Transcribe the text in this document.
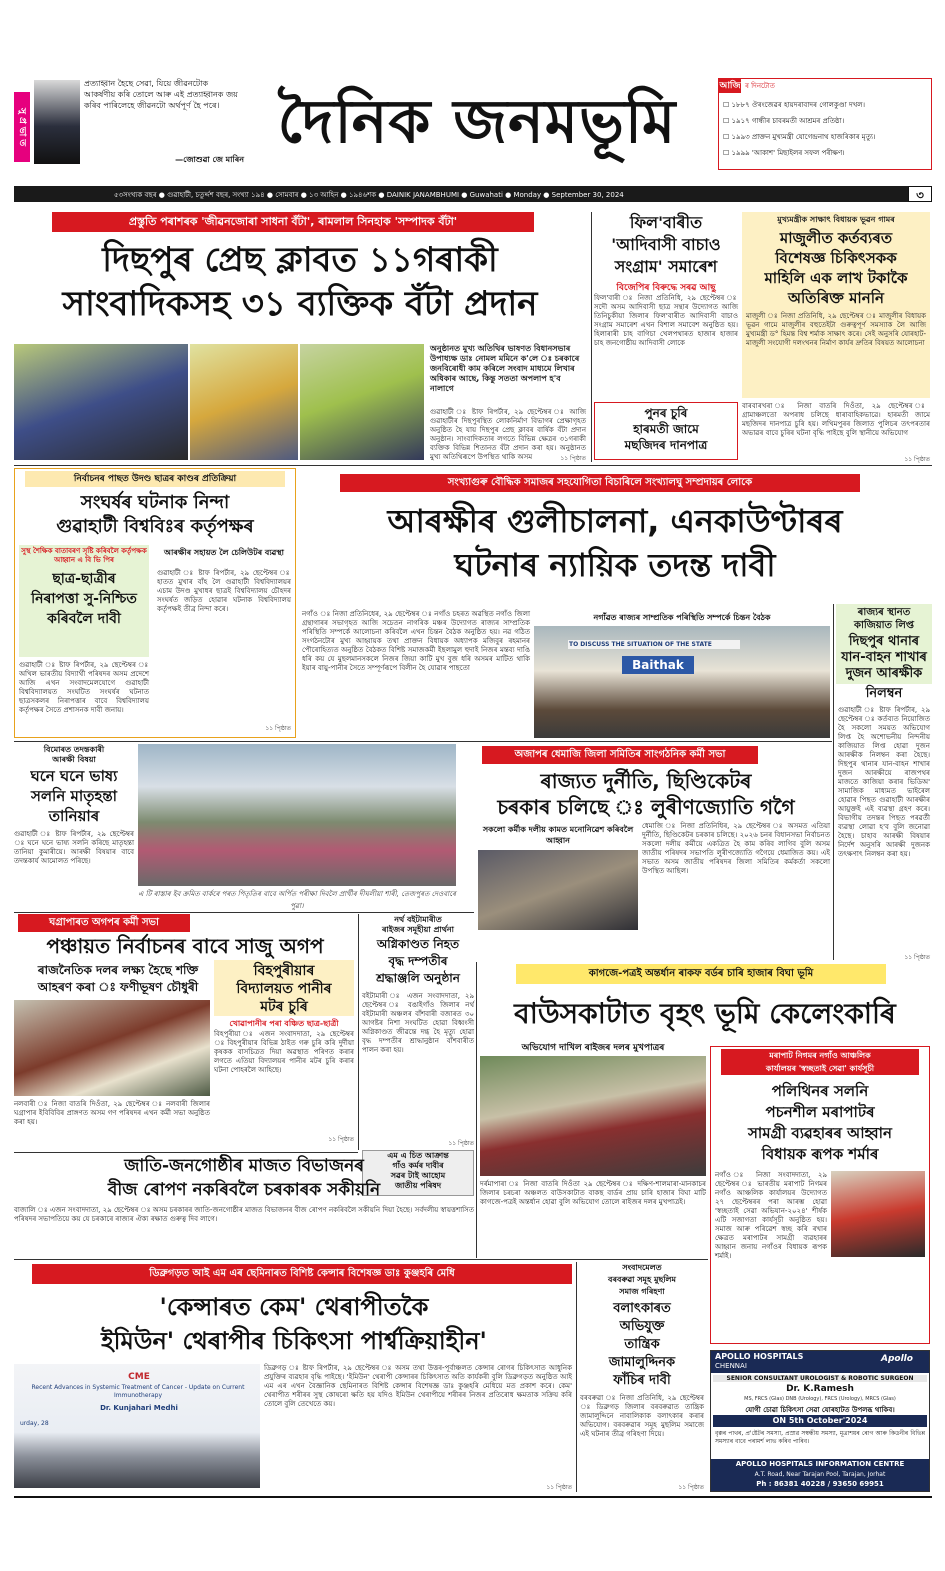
সু প্র ভা ত
প্ৰত্যাহ্বান হৈছে সেৱা, যিয়ে জীৱনটোক আকৰ্ষণীয় কৰি তোলে আৰু এই প্ৰত্যাহ্বানক জয় কৰিব পাৰিলেহে জীৱনটো অৰ্থপূৰ্ণ হৈ পৰে।
—জোশুৱা জে মাৰিন
দৈনিক জনমভূমি
আজি ৰ দিনটোত
☐ ১৮৮৭ ঔৰংজেৱৰ হায়দৰাবাদৰ গোলকুণ্ডা দখল।
☐ ১৯১৭ গান্ধীৰ চাবৰমতী আশ্ৰমৰ প্ৰতিষ্ঠা।
☐ ১৯৯৩ প্ৰাক্তন মুখ্যমন্ত্ৰী যোগেন্দ্ৰনাথ হাজৰিকাৰ মৃত্যু।
☐ ১৯৯৯ 'আকাশ' মিছাইলৰ সফল পৰীক্ষণ।
৫৩সংখ্যক বছৰ ● গুৱাহাটী, চতুৰ্দ্দশ বছৰ, সংখ্যা ১৯৪ ● সোমবাৰ ● ১৩ আহিন ● ১৯৪৬শক ● DAINIK JANAMBHUMI ● Guwahati ● Monday ● September 30, 2024	৩
প্ৰস্তুতি পৰাশৰক 'জীৱনজোৰা সাধনা বঁটা', ৰামলাল সিনহাক 'সম্পাদক বঁটা'
দিছপুৰ প্ৰেছ ক্লাবত ১১গৰাকী
সাংবাদিকসহ ৩১ ব্যক্তিক বঁটা প্ৰদান
অনুষ্ঠানত মুখ্য অতিথিৰ ভাষণত বিধানসভাৰ উপাধ্যক্ষ ডাঃ নোমল মমিনে ক'লে ঃ চৰকাৰে জনবিৰোধী কাম কৰিলে সংবাদ মাধ্যমে লিখাৰ অধিকাৰ আছে, কিন্তু সততা অপলাপ হ'ব নালাগে
গুৱাহাটী ঃ ষ্টাফ ৰিপৰ্টাৰ, ২৯ ছেপ্টেম্বৰ ঃ আজি গুৱাহাটীৰ দিছপুৰস্থিত লোকনিৰ্মাণ বিভাগৰ প্ৰেক্ষাগৃহত অনুষ্ঠিত হৈ যায় দিছপুৰ প্ৰেছ ক্লাবৰ বাৰ্ষিক বঁটা প্ৰদান অনুষ্ঠান। সাংবাদিকতাৰ লগতে বিভিন্ন ক্ষেত্ৰৰ ৩১গৰাকী ব্যক্তিক বিভিন্ন শিতানত বঁটা প্ৰদান কৰা হয়। অনুষ্ঠানত মুখ্য অতিথিৰূপে উপস্থিত থাকি অসম	১১ পিৃষ্ঠাত
ফিল'বাৰীত
'আদিবাসী বাচাও
সংগ্ৰাম' সমাৰেশ
বিজেপিৰ বিৰুদ্ধে সৰৱ আছু
ফিল'বাৰী ঃ নিজা প্ৰতিনিধি, ২৯ ছেপ্টেম্বৰ ঃ সদৌ অসম আদিবাসী ছাত্ৰ সন্থাৰ উদ্যোগত আজি তিনিচুকীয়া জিলাৰ ফিল'বাৰীত আদিবাসী বাচাও সংগ্ৰাম সমাৰেশ এখন বিশাল সমাবেশ অনুষ্ঠিত হয়। হিলাৰাৰী চাহ বাগিচা খেলপথাৰত হাজাৰ হাজাৰ চাহ জনগোষ্ঠীয় আদিবাসী লোকে
মুখ্যমন্ত্ৰীক সাক্ষাৎ বিধায়ক ভূৱন গামৰ
মাজুলীত কৰ্তব্যৰত
বিশেষজ্ঞ চিকিৎসকক
মাহিলি এক লাখ টকাকৈ
অতিৰিক্ত মাননি
মাজুলী ঃ নিজা প্ৰতিনিধি, ২৯ ছেপ্টেম্বৰ ঃ মাজুলীৰ বিধায়ক ভূৱন গামে মাজুলীৰ বহুতেইটা গুৰুত্বপূৰ্ণ সমস্যাক লৈ আজি মুখ্যমন্ত্ৰী ড° হিমন্ত বিশ্ব শৰ্মাক সাক্ষাৎ কৰে। সেই অনুসৰি যোৰহাট-মাজুলী সংযোগী দলংখনৰ নিৰ্মাণ কাৰ্যৰ দ্ৰুতিৰ বিষয়ত আলোচনা
পুনৰ চুৰি
হাৰমতী জামে
মছজিদৰ দানপাত্ৰ
বাৰবাৰখৰা ঃ নিজা বাতৰি দিওঁতা, ২৯ ছেপ্টেম্বৰ ঃ গ্ৰামাঞ্চলতো অপৰাধ চলিছে ধাৰাবাহিকভাৱে। হাৰমতী জামে মছজিদৰ দানপাত্ৰ চুৰি হয়। লখিমপুৰৰ জিলাত পুলিচৰ তৎপৰতাৰ অভাৱৰ বাবে চুৰিৰ ঘটনা বৃদ্ধি পাইছে বুলি স্থানীয়ে অভিযোগ
১১ পিৃষ্ঠাত
নিৰ্বাচনৰ পাছত উদণ্ড ছাত্ৰৰ কাণ্ডৰ প্ৰতিক্ৰিয়া
সংঘৰ্ষৰ ঘটনাক নিন্দা
গুৱাহাটী বিশ্ববিঃৰ কৰ্তৃপক্ষৰ
সুস্থ শৈক্ষিক বাতাবৰণ সৃষ্টি কৰিবলৈ কৰ্তৃপক্ষক আহ্বান এ বি ভি পিৰ
ছাত্ৰ-ছাত্ৰীৰ
নিৰাপত্তা সু-নিশ্চিত
কৰিবলৈ দাবী
গুৱাহাটী ঃ ষ্টাফ ৰিপৰ্টাৰ, ২৯ ছেপ্টেম্বৰ ঃ অখিল ভাৰতীয় বিদ্যাৰ্থী পৰিষদৰ অসম প্ৰদেশে আজি এখন সংবাদমেলযোগে গুৱাহাটী বিশ্ববিদ্যালয়ত সংঘটিত সংঘৰ্ষৰ ঘটনাত ছাত্ৰসকলৰ নিৰাপত্তাৰ বাবে বিশ্ববিদ্যালয় কৰ্তৃপক্ষৰ সৈতে প্ৰশাসনক দাবী জনায়।
আৰক্ষীৰ সহায়ত লৈ চেলিউটৰ ব্যৱস্থা
গুৱাহাটী ঃ ষ্টাফ ৰিপৰ্টাৰ, ২৯ ছেপ্টেম্বৰ ঃ হাতত মুখাৰ বাঁহ লৈ গুৱাহাটী বিশ্ববিদ্যালয়ৰ এচাম উদণ্ড মুখাধৰ ছাত্ৰই বিশ্ববিদ্যালয় চৌহদৰ সংঘৰ্ষত জড়িত হোৱাৰ ঘটনাক বিশ্ববিদ্যালয় কৰ্তৃপক্ষই তীব্ৰ নিন্দা কৰে।
১১ পিৃষ্ঠাত
সংখ্যাগুৰু বৌদ্ধিক সমাজৰ সহযোগিতা বিচাৰিলে সংখ্যালঘু সম্প্ৰদায়ৰ লোকে
আৰক্ষীৰ গুলীচালনা, এনকাউণ্টাৰৰ
ঘটনাৰ ন্যায়িক তদন্ত দাবী
নগাঁও ঃ নিজা প্ৰতিনিধেৰ, ২৯ ছেপ্টেম্বৰ ঃ নগাঁও চহৰত অৱস্থিত নগাঁও জিলা গ্ৰন্থাগাৰৰ সভাগৃহত আজি সচেতন নাগৰিক মঞ্চৰ উদ্যোগত ৰাজ্যৰ সাম্প্ৰতিক পৰিস্থিতি সম্পৰ্কে আলোচনা কৰিবলৈ এখন চিন্তন বৈঠক অনুষ্ঠিত হয়। নৱ গঠিত সংগঠনটোৰ মুখ্য আহ্বায়ক তথা প্ৰাক্তন বিধায়ক অধ্যাপক মজিবুৰ ৰহমানৰ পৌৰোহিত্যত অনুষ্ঠিত বৈঠকত বিশিষ্ট সমাজকৰ্মী ইছলামুল হুদাই নিজৰ মন্তব্য দাঙি ধৰি কয় যে মুছলমানসকলে নিজৰ জিয়া কাটি মুখ বুজ ধৰি অসমৰ মাটিত থাকি ইয়াৰ বায়ু-পানীৰ সৈতে সম্পূৰ্ণৰূপে বিলীন হৈ যোৱাৰ পাছতো
নগাঁৱত ৰাজ্যৰ সাম্প্ৰতিক পৰিস্থিতি সম্পৰ্কে চিন্তন বৈঠক
TO DISCUSS THE SITUATION OF THE STATE
Baithak
ৰাজ্যৰ স্থানত
কাজিয়াত লিপ্ত
দিছপুৰ থানাৰ
যান-বাহন শাখাৰ
দুজন আৰক্ষীক
নিলম্বন
গুৱাহাটী ঃ ষ্টাফ ৰিপৰ্টাৰ, ২৯ ছেপ্টেম্বৰ ঃ কৰ্তব্যত নিয়োজিত হৈ সকলো সময়ত অভিযোগ লিপ্ত হৈ অশোভনীয় নিন্দনীয় কাজিয়াত লিপ্ত হোৱা দুজন আৰক্ষীক নিলম্বন কৰা হৈছে। দিছপুৰ থানাৰ যান-বাহন শাখাৰ দুজন আৰক্ষীয়ে ৰাজপথৰ মাজতে কাজিয়া কৰাৰ ভিডিঅ' সামাজিক মাধ্যমত ভাইৰেল হোৱাৰ পিছত গুৱাহাটী আৰক্ষীৰ আয়ুক্তই এই ব্যৱস্থা গ্ৰহণ কৰে। বিভাগীয় তদন্তৰ পিছত পৰৱৰ্তী ব্যৱস্থা লোৱা হ'ব বুলি জনোৱা হৈছে। চাহাব আৰক্ষী বিষয়াৰ নিৰ্দেশ অনুসৰি আৰক্ষী দুজনক তৎক্ষণাৎ নিলম্বন কৰা হয়।
১১ পিৃষ্ঠাত
বিমোৰত তদন্তকাৰী
আৰক্ষী বিষয়া
ঘনে ঘনে ভাষ্য
সলনি মাতৃহন্তা
তানিয়াৰ
গুৱাহাটী ঃ ষ্টাফ ৰিপৰ্টাৰ, ২৯ ছেপ্টেম্বৰ ঃ ঘনে ঘনে ভাষ্য সলনি কৰিছে মাতৃহন্তা তানিয়া কুমাৰীয়ে। আৰক্ষী বিষয়াৰ বাবে তদন্তকাৰ্য আমোলত পৰিছে।
এ টি ৰাস্তাৰ ইব ক্ৰমিত বাৰ্কৰে পৰত পিতৃতিৰ বাবে অৰ্পিত পৰীক্ষা দিবলৈ প্ৰাৰ্থীৰ দীঘলীয়া শাৰী, তেজপুৰত দেওবাৰে পুৱা।
অজাপৰ ধেমাজি জিলা সমিতিৰ সাংগঠনিক কৰ্মী সভা
ৰাজ্যত দুৰ্নীতি, ছিণ্ডিকেটৰ
চৰকাৰ চলিছে ঃ লুৰীণজ্যোতি গগৈ
সকলো কৰ্মীক দলীয় কামত মনোনিৱেশ কৰিবলৈ আহ্বান
ধেমাজি ঃ নিজা প্ৰতিনিধিৰ, ২৯ ছেপ্টেম্বৰ ঃ অসমত এতিয়া দুৰ্নীতি, ছিণ্ডিকেটৰ চৰকাৰ চলিছে। ২০২৬ চনৰ বিধানসভা নিৰ্বাচনত সকলো দলীয় কৰ্মীয়ে একত্ৰিত হৈ কাম কৰিব লাগিব বুলি অসম জাতীয় পৰিষদৰ সভাপতি লুৰীণজ্যোতি গগৈয়ে ধেমাজিত কয়। এই সভাত অসম জাতীয় পৰিষদৰ জিলা সমিতিৰ কৰ্মকৰ্তা সকলো উপস্থিত আছিল।
ঘগ্ৰাপাৰত অগপৰ কৰ্মী সভা
পঞ্চায়ত নিৰ্বাচনৰ বাবে সাজু অগপ
ৰাজনৈতিক দলৰ লক্ষ্য হৈছে শক্তি
আহৰণ কৰা ঃ ফণীভূষণ চৌধুৰী
নলবাৰী ঃ নিজা বাতৰি দিওঁতা, ২৯ ছেপ্টেম্বৰ ঃ নলবাৰী জিলাৰ ঘগ্ৰাপাৰ ইবিবিবিৰ প্ৰাঙ্গণত অসম গণ পৰিষদৰ এখন কৰ্মী সভা অনুষ্ঠিত কৰা হয়।
বিহপুৰীয়াৰ
বিদ্যালয়ত পানীৰ
মটৰ চুৰি
খোৱাপানীৰ পৰা বঞ্চিত ছাত্ৰ-ছাত্ৰী
বিহপুৰীয়া ঃ এজন সংবাদদাতা, ২৯ ছেপ্টেম্বৰ ঃ বিহপুৰীয়াৰ বিভিন্ন ঠাইত গৰু চুৰি কৰি দুৰ্দীয়া কৃষকক বাসচিত্ৰত দিয়া অৱস্থাত পৰিণত কৰাৰ লগতে এতিয়া বিদ্যালয়ৰ পানীৰ মটৰ চুৰি কৰাৰ ঘটনা পোহৰলৈ আহিছে।
১১ পিৃষ্ঠাত
নৰ্থ বইটামাৰীত
ৰাইজৰ সমূহীয়া প্ৰাৰ্থনা
অগ্নিকাণ্ডত নিহত
বৃদ্ধ দম্পতীৰ
শ্ৰদ্ধাঞ্জলি অনুষ্ঠান
বইটামাৰী ঃ এজন সংবাদদাতা, ২৯ ছেপ্টেম্বৰ ঃ বঙাইগাঁও জিলাৰ নৰ্থ বইটামাৰী অঞ্চলৰ বাঁশবাৰী বজাৰত ৩০ আগষ্টৰ নিশা সংঘটিত হোৱা বিধ্বংসী অগ্নিকাণ্ডত জীৱন্তে দগ্ধ হৈ মৃত্যু হোৱা বৃদ্ধ দম্পতীৰ শ্ৰাদ্ধানুষ্ঠান বাঁশবাৰীত পালন কৰা হয়।
১১ পিৃষ্ঠাত
এম এ চিত আক্ৰান্ত
গাঁও কৰ্মৰ দাবীৰ
সৱৰ টাই আহোম
জাতীয় পৰিষদ
কাগজে-পত্ৰই অন্তৰ্ধান ৰাকফ বৰ্ডৰ চাৰি হাজাৰ বিঘা ভূমি
বাউসকাটাত বৃহৎ ভূমি কেলেংকাৰি
অভিযোগ দাখিল ৰাইজৰ দলৰ মুখপাত্ৰৰ
দৰ্ৰমাপাৰা ঃ নিজা বাতৰি দিওঁতা ২৯ ছেপ্টেম্বৰ ঃ দক্ষিণ-শালমাৰা-মানকাচৰ জিলাৰ চৰচৰা অঞ্চলত বাউসকাটাত বাকছ বাৰ্ডৰ প্ৰায় চাৰি হাজাৰ বিঘা মাটি কাগজে-পত্ৰই অন্তৰ্ধান হোৱা বুলি অভিযোগ তোলে ৰাইজৰ দলৰ মুখপাত্ৰই।
মৰাপাট নিগমৰ নগাঁও আঞ্চলিক
কাৰ্যালয়ৰ 'স্বচ্ছতাই সেৱা' কাৰ্যসূচী
পলিথিনৰ সলনি
পচনশীল মৰাপাটৰ
সামগ্ৰী ব্যৱহাৰৰ আহ্বান
বিধায়ক ৰূপক শৰ্মাৰ
নগাঁও ঃ নিজা সংবাদদাতা, ২৯ ছেপ্টেম্বৰ ঃ ভাৰতীয় মৰাপাট নিগমৰ নগাঁও আঞ্চলিক কাৰ্যালয়ৰ উদ্যোগত ২৭ ছেপ্টেম্বৰৰ পৰা আৰম্ভ হোৱা 'স্বচ্ছতাই সেৱা অভিযান-২০২৪' শীৰ্ষক এটি সজাগতা কাৰ্যসূচী অনুষ্ঠিত হয়। সমাজ আৰু পৰিৱেশ স্বচ্ছ কৰি ৰখাৰ ক্ষেত্ৰত মৰাপাটৰ সামগ্ৰী ব্যৱহাৰৰ আহ্বান জনায় নগাঁওৰ বিধায়ক ৰূপক শৰ্মাই।
জাতি-জনগোষ্ঠীৰ মাজত বিভাজনৰ
বীজ ৰোপণ নকৰিবলৈ চৰকাৰক সকীয়নি
বাজালি ঃ এজন সংবাদদাতা, ২৯ ছেপ্টেম্বৰ ঃ অসম চৰকাৰৰ জাতি-জনগোষ্ঠীৰ মাজত বিভাজনৰ বীজ ৰোপণ নকৰিবলৈ সকীয়নি দিয়া হৈছে। সৰ্বদলীয় স্বায়ত্তশাসিত পৰিষদৰ সভাপতিয়ে কয় যে চৰকাৰে ৰাজ্যৰ ঐক্য ৰক্ষাত গুৰুত্ব দিব লাগে।
ডিব্ৰুগড়ত আই এম এৰ ছেমিনাৰত বিশিষ্ট কেন্সাৰ বিশেষজ্ঞ ডাঃ কুঞ্জহৰি মেধি
'কেন্সাৰত কেম' থেৰাপীতকৈ
ইমিউন' থেৰাপীৰ চিকিৎসা পাৰ্শ্বক্ৰিয়াহীন'
CME
Recent Advances in Systemic Treatment of Cancer - Update on Current Immunotherapy
Dr. Kunjahari Medhi
urday, 28
ডিব্ৰুগড় ঃ ষ্টাফ ৰিপৰ্টাৰ, ২৯ ছেপ্টেম্বৰ ঃ অসম তথা উত্তৰ-পূৰ্বাঞ্চলত কেন্সাৰ ৰোগৰ চিকিৎসাত আধুনিক প্ৰযুক্তিৰ ব্যৱহাৰ বৃদ্ধি পাইছে। 'ইমিউন' থেৰাপী কেন্সাৰৰ চিকিৎসাত অতি কাৰ্যকৰী বুলি ডিব্ৰুগড়ত অনুষ্ঠিত আই এম এৰ এখন বৈজ্ঞানিক ছেমিনাৰত বিশিষ্ট কেন্সাৰ বিশেষজ্ঞ ডাঃ কুঞ্জহৰি মেধিয়ে মত প্ৰকাশ কৰে। কেম' থেৰাপীত শৰীৰৰ সুস্থ কোষৰো ক্ষতি হয় যদিও ইমিউন থেৰাপীয়ে শৰীৰৰ নিজৰ প্ৰতিৰোধ ক্ষমতাক সক্ৰিয় কৰি তোলে বুলি তেখেতে কয়।
১১ পিৃষ্ঠাত
সংবাদমেলত
বৰবৰুৱা সমূহ মুছলিম
সমাজ গৰিহণা
বলাৎকাৰত
অভিযুক্ত
তান্ত্ৰিক
জামালুদ্দিনক
ফাঁচিৰ দাবী
বৰবৰুৱা ঃ নিজা প্ৰতিনিধি, ২৯ ছেপ্টেম্বৰ ঃ ডিব্ৰুগড় জিলাৰ বৰবৰুৱাত তান্ত্ৰিক জামালুদ্দিনে নাবালিকাক বলাৎকাৰ কৰাৰ অভিযোগ। বৰবৰুৱাৰ সমূহ মুছলিম সমাজে এই ঘটনাৰ তীব্ৰ গৰিহণা দিয়ে।
১১ পিৃষ্ঠাত
APOLLO HOSPITALS
CHENNAI
Apollo
SENIOR CONSULTANT UROLOGIST & ROBOTIC SURGEON
Dr. K.Ramesh
MS, FRCS (Glas) DNB (Urology), FRCS (Urology), MRCS (Glas)
যোগী চোৱা চিকিৎসা সেৱা যোৰহাটত উপলব্ধ থাকিব।
ON 5th October'2024
বৃক্কৰ পাথৰ, প্ৰ'ষ্টেটৰ সমস্যা, প্ৰস্ৰাৱ সম্বন্ধীয় সমস্যা, মূত্ৰাশয়ৰ ৰোগ আৰু কিডনীৰ বিভিন্ন সমস্যাৰ বাবে পৰামৰ্শ লাভ কৰিব পাৰিব।
APOLLO HOSPITALS INFORMATION CENTRE
A.T. Road, Near Tarajan Pool, Tarajan, Jorhat
Ph : 86381 40228 / 93650 69951
